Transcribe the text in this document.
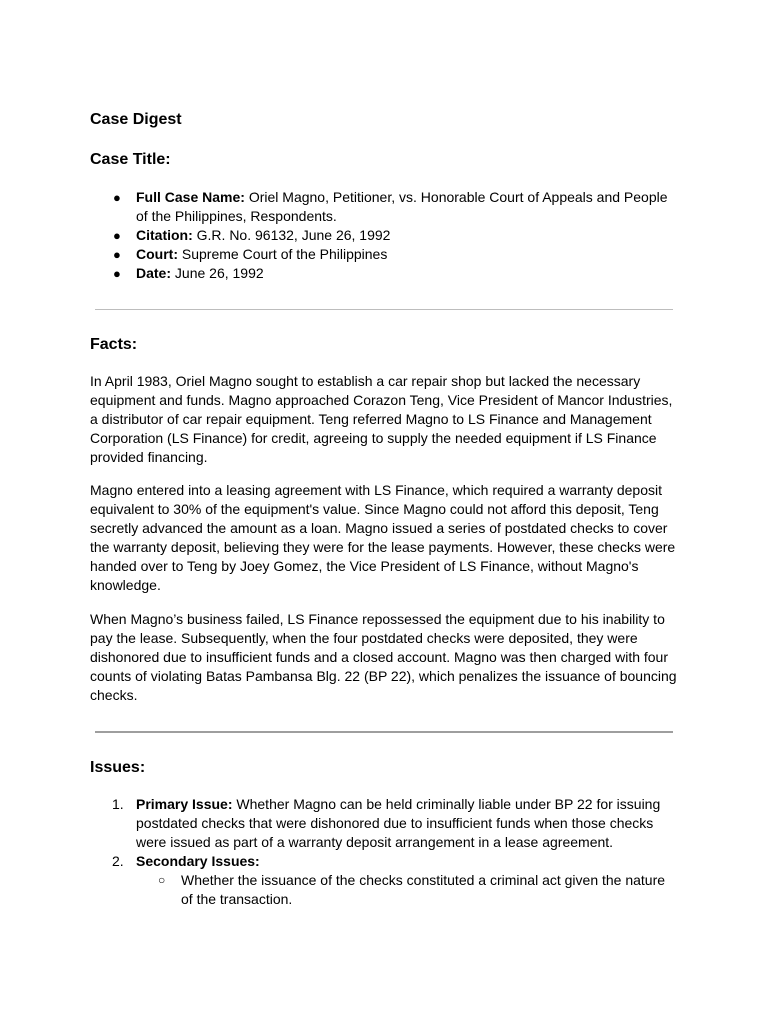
Case Digest
Case Title:
● Full Case Name: Oriel Magno, Petitioner, vs. Honorable Court of Appeals and People of the Philippines, Respondents.
● Citation: G.R. No. 96132, June 26, 1992
● Court: Supreme Court of the Philippines
● Date: June 26, 1992
Facts:

In April 1983, Oriel Magno sought to establish a car repair shop but lacked the necessary equipment and funds. Magno approached Corazon Teng, Vice President of Mancor Industries, a distributor of car repair equipment. Teng referred Magno to LS Finance and Management Corporation (LS Finance) for credit, agreeing to supply the needed equipment if LS Finance provided financing.

Magno entered into a leasing agreement with LS Finance, which required a warranty deposit equivalent to 30% of the equipment's value. Since Magno could not afford this deposit, Teng secretly advanced the amount as a loan. Magno issued a series of postdated checks to cover the warranty deposit, believing they were for the lease payments. However, these checks were handed over to Teng by Joey Gomez, the Vice President of LS Finance, without Magno's knowledge.

When Magno’s business failed, LS Finance repossessed the equipment due to his inability to pay the lease. Subsequently, when the four postdated checks were deposited, they were dishonored due to insufficient funds and a closed account. Magno was then charged with four counts of violating Batas Pambansa Blg. 22 (BP 22), which penalizes the issuance of bouncing checks.

Issues:
1. Primary Issue: Whether Magno can be held criminally liable under BP 22 for issuing postdated checks that were dishonored due to insufficient funds when those checks were issued as part of a warranty deposit arrangement in a lease agreement.
2. Secondary Issues:
○ Whether the issuance of the checks constituted a criminal act given the nature of the transaction.
